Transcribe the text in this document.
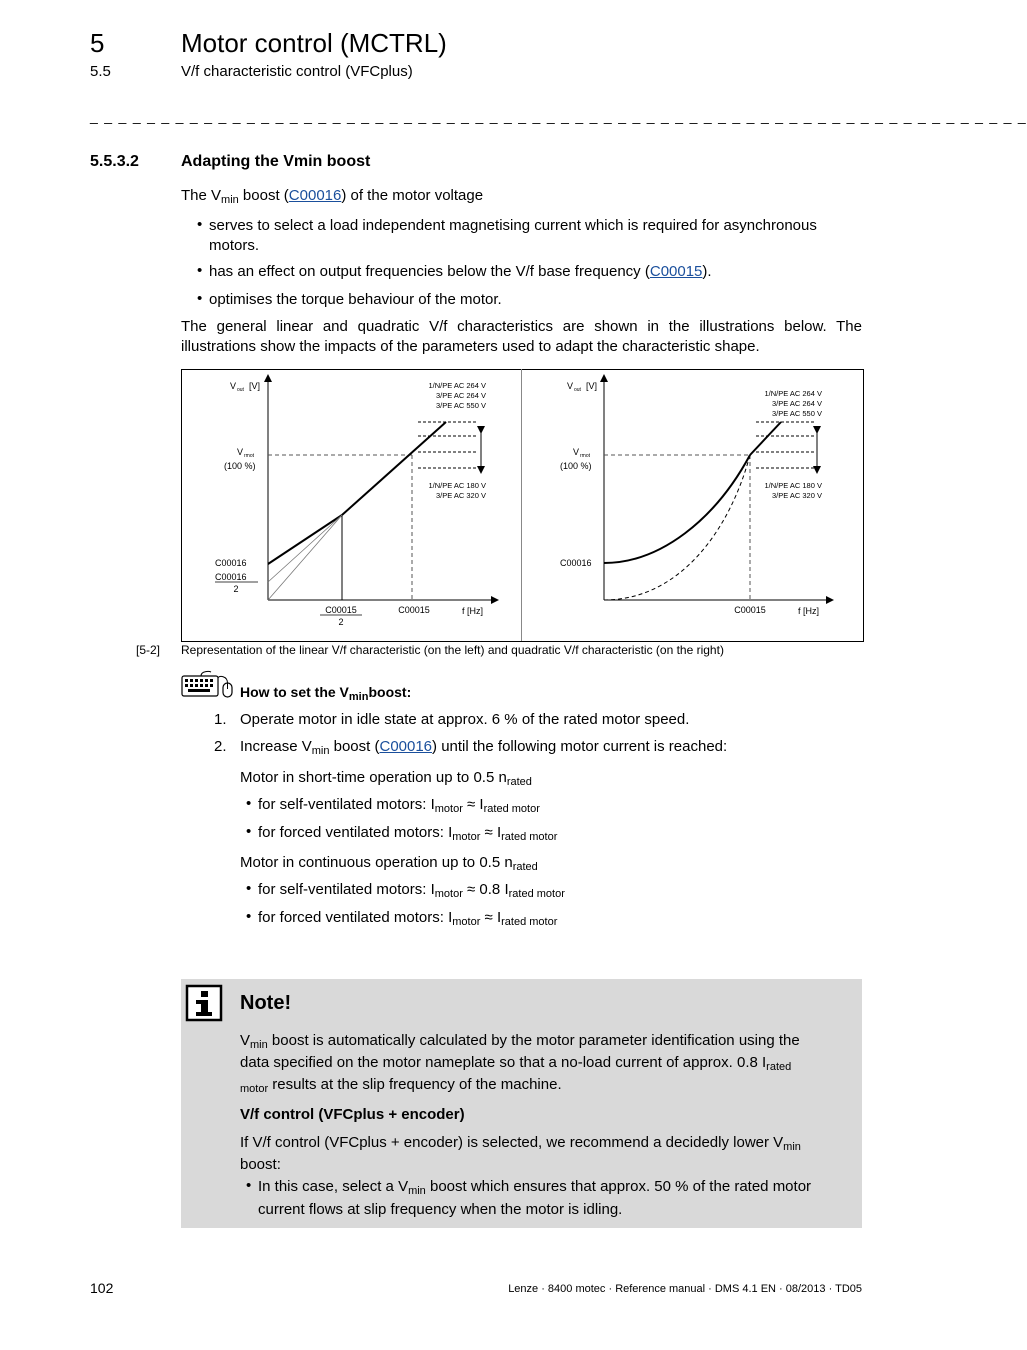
5	Motor control (MCTRL)
5.5	V/f characteristic control (VFCplus)
_ _ _ _ _ _ _ _ _ _ _ _ _ _ _ _ _ _ _ _ _ _ _ _ _ _ _ _ _ _ _ _ _ _ _ _ _ _ _ _ _ _ _ _ _ _ _ _ _ _ _ _ _ _ _ _ _ _ _ _ _ _ _ _ _ _
5.5.3.2	Adapting the Vmin boost
The $V_{min}$ boost (C00016) of the motor voltage
• serves to select a load independent magnetising current which is required for asynchronous
motors.
• has an effect on output frequencies below the V/f base frequency (C00015).
• optimises the torque behaviour of the motor.
The general linear and quadratic V/f characteristics are shown in the illustrations below. The
illustrations show the impacts of the parameters used to adapt the characteristic shape.
V out [V]
V rmot
(100 %)
1/N/PE AC 264 V
3/PE AC 264 V
3/PE AC 550 V
1/N/PE AC 180 V
3/PE AC 320 V
C00016
C00016
2
C00015
2
C00015	f [Hz]
V out [V]
V rmot
(100 %)
1/N/PE AC 264 V
3/PE AC 264 V
3/PE AC 550 V
1/N/PE AC 180 V
3/PE AC 320 V
C00016
C00015	f [Hz]
[5-2] Representation of the linear V/f characteristic (on the left) and quadratic V/f characteristic (on the right)
How to set the $V_{min}boost$:
1. Operate motor in idle state at approx. 6 % of the rated motor speed.
2. Increase $V_{min}$ boost (C00016) until the following motor current is reached:
Motor in short-time operation up to 0.5 $n_{rated}$
• for self-ventilated motors: $I_{motor} \approx I_{rated motor}$
• for forced ventilated motors: $I_{motor} \approx I_{rated motor}$
Motor in continuous operation up to 0.5 $n_{rated}$
• for self-ventilated motors: $I_{motor} \approx 0.8$ $I_{rated motor}$
• for forced ventilated motors: $I_{motor} \approx I_{rated motor}$
Note!
$V_{min}$ boost is automatically calculated by the motor parameter identification using the
data specified on the motor nameplate so that a no-load current of approx. 0.8 $I_{rated}$
$_{motor}$ results at the slip frequency of the machine.
V/f control (VFCplus + encoder)
If V/f control (VFCplus + encoder) is selected, we recommend a decidedly lower $V_{min}$
boost:
• In this case, select a $V_{min}$ boost which ensures that approx. 50 % of the rated motor
current flows at slip frequency when the motor is idling.
102	Lenze · 8400 motec · Reference manual · DMS 4.1 EN · 08/2013 · TD05
